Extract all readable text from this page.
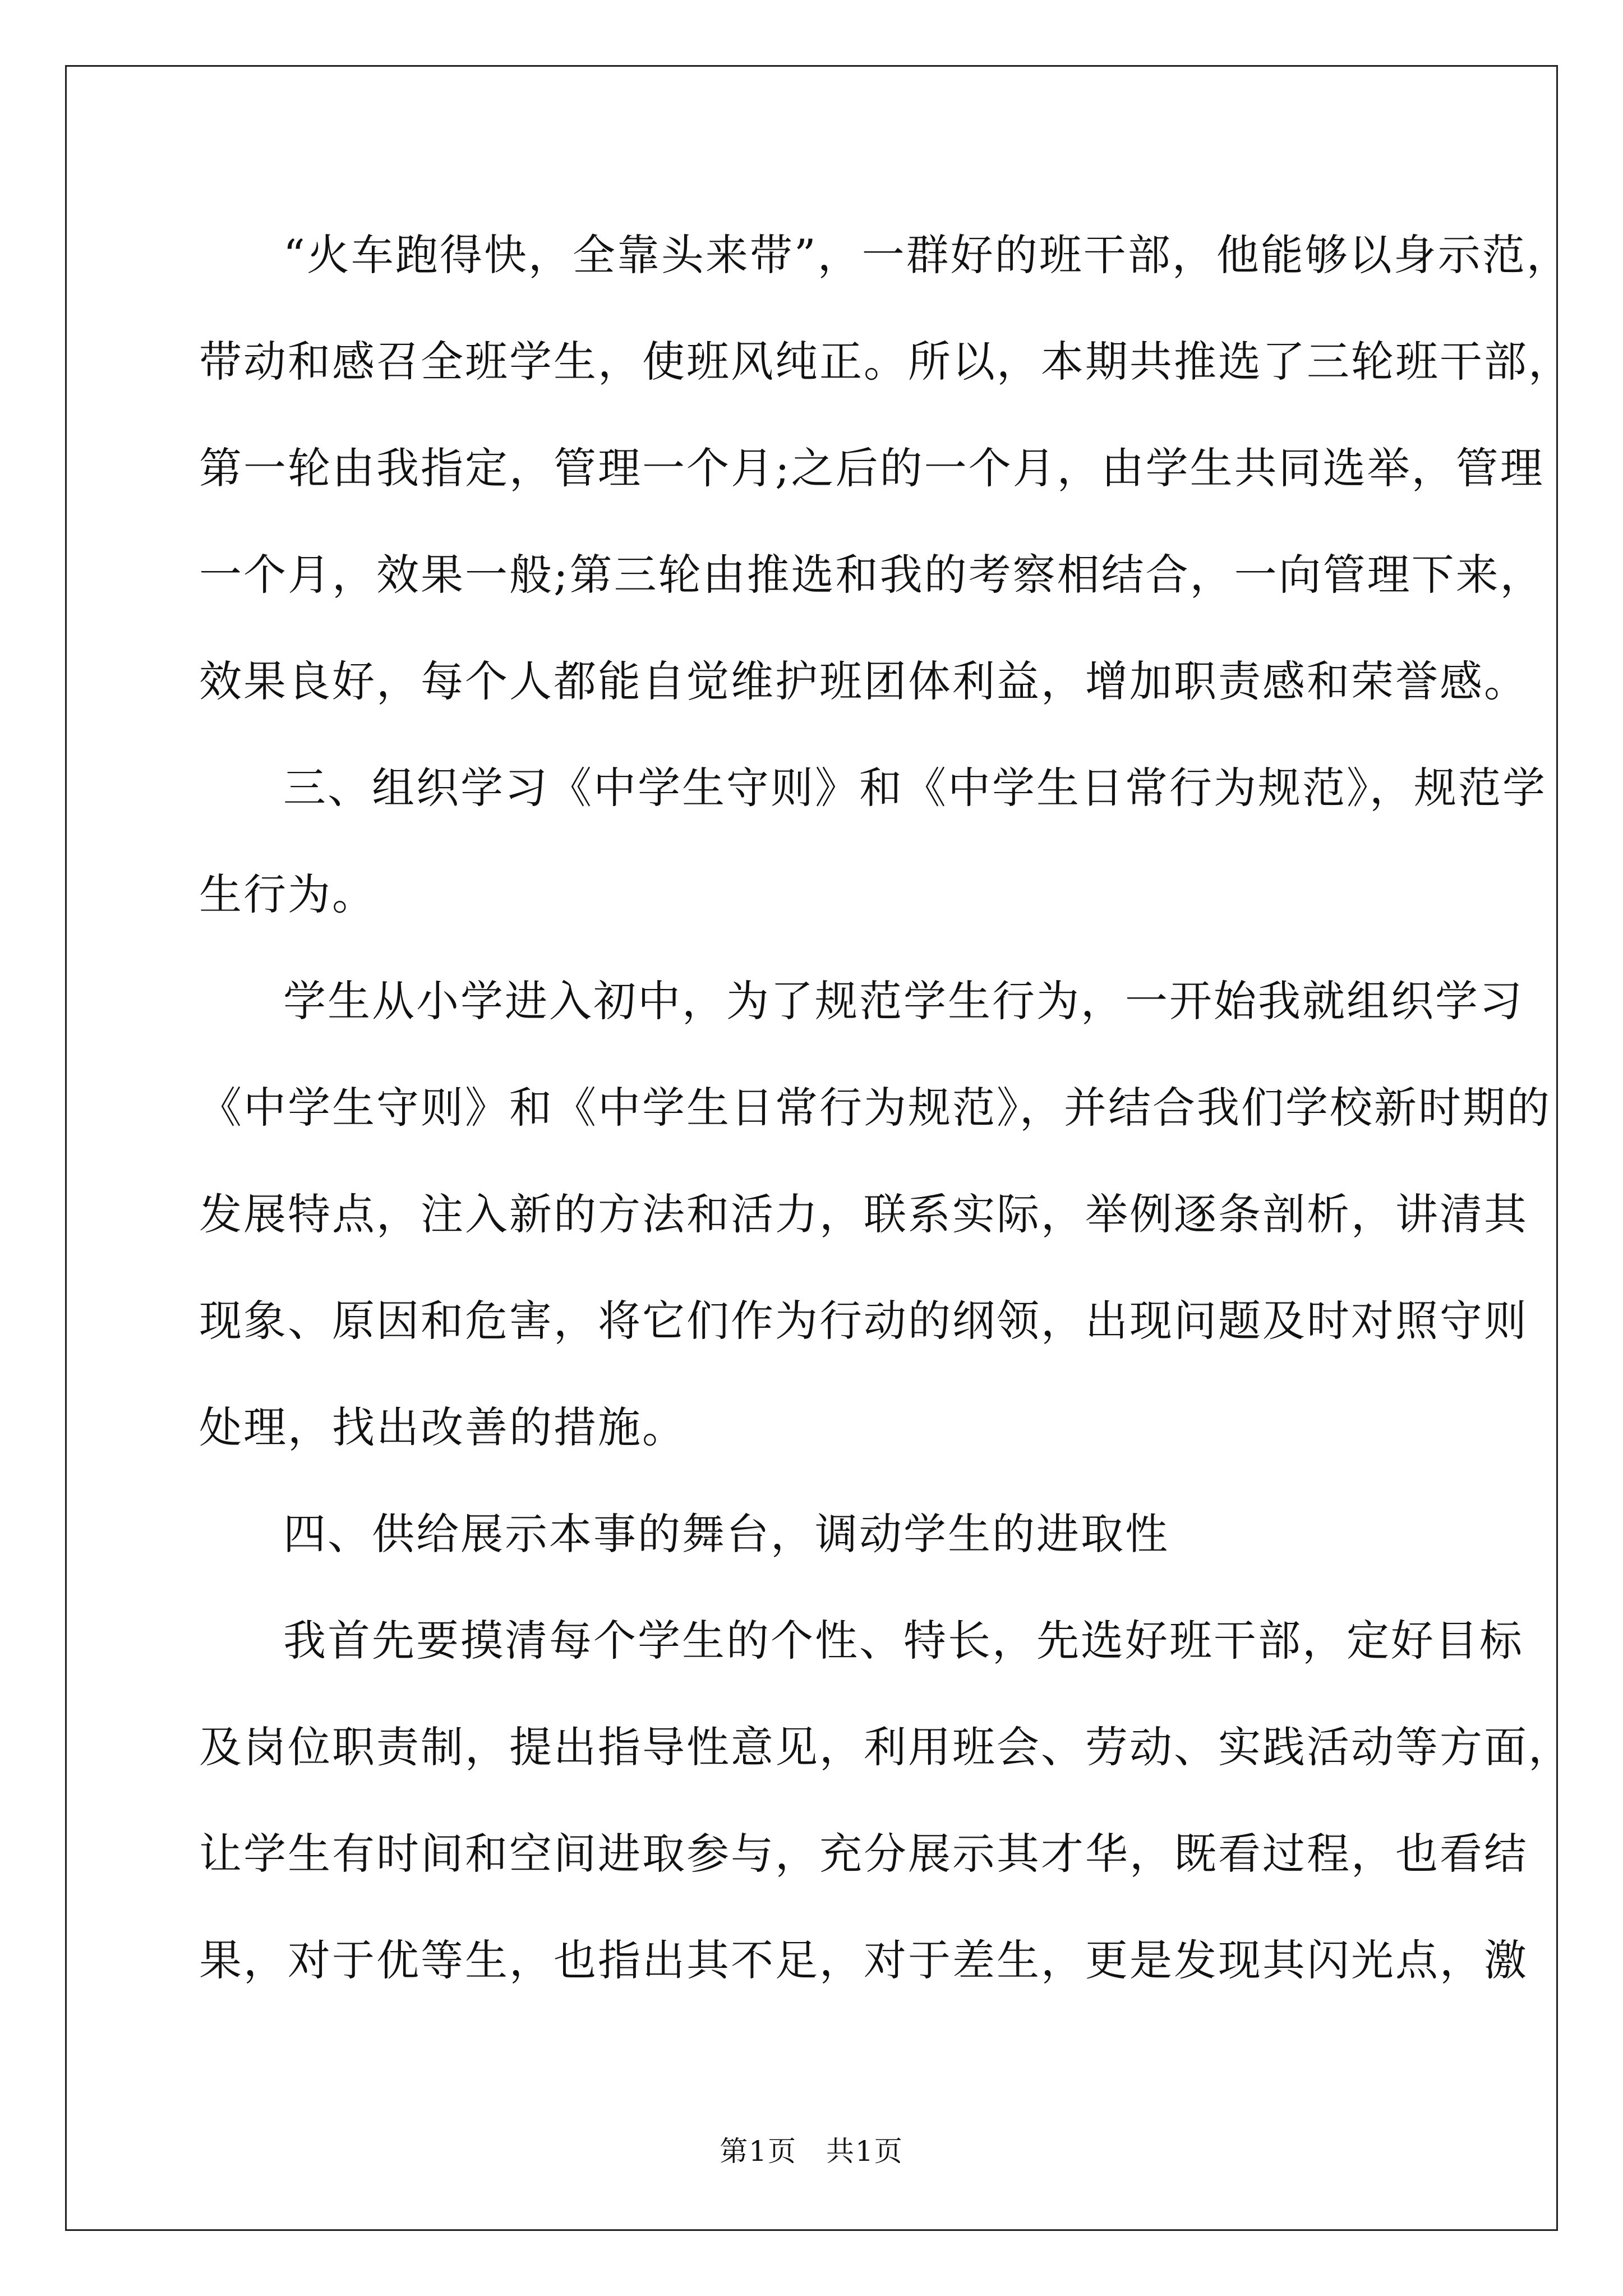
“火车跑得快，全靠头来带”，一群好的班干部，他能够以身示范，
带动和感召全班学生，使班风纯正。所以，本期共推选了三轮班干部，
第一轮由我指定，管理一个月;之后的一个月，由学生共同选举，管理
一个月，效果一般;第三轮由推选和我的考察相结合，一向管理下来，
效果良好，每个人都能自觉维护班团体利益，增加职责感和荣誉感。

三、组织学习《中学生守则》和《中学生日常行为规范》，规范学
生行为。

学生从小学进入初中，为了规范学生行为，一开始我就组织学习
《中学生守则》和《中学生日常行为规范》，并结合我们学校新时期的
发展特点，注入新的方法和活力，联系实际，举例逐条剖析，讲清其
现象、原因和危害，将它们作为行动的纲领，出现问题及时对照守则
处理，找出改善的措施。

四、供给展示本事的舞台，调动学生的进取性

我首先要摸清每个学生的个性、特长，先选好班干部，定好目标
及岗位职责制，提出指导性意见，利用班会、劳动、实践活动等方面，
让学生有时间和空间进取参与，充分展示其才华，既看过程，也看结
果，对于优等生，也指出其不足，对于差生，更是发现其闪光点，激

第1页　共1页
